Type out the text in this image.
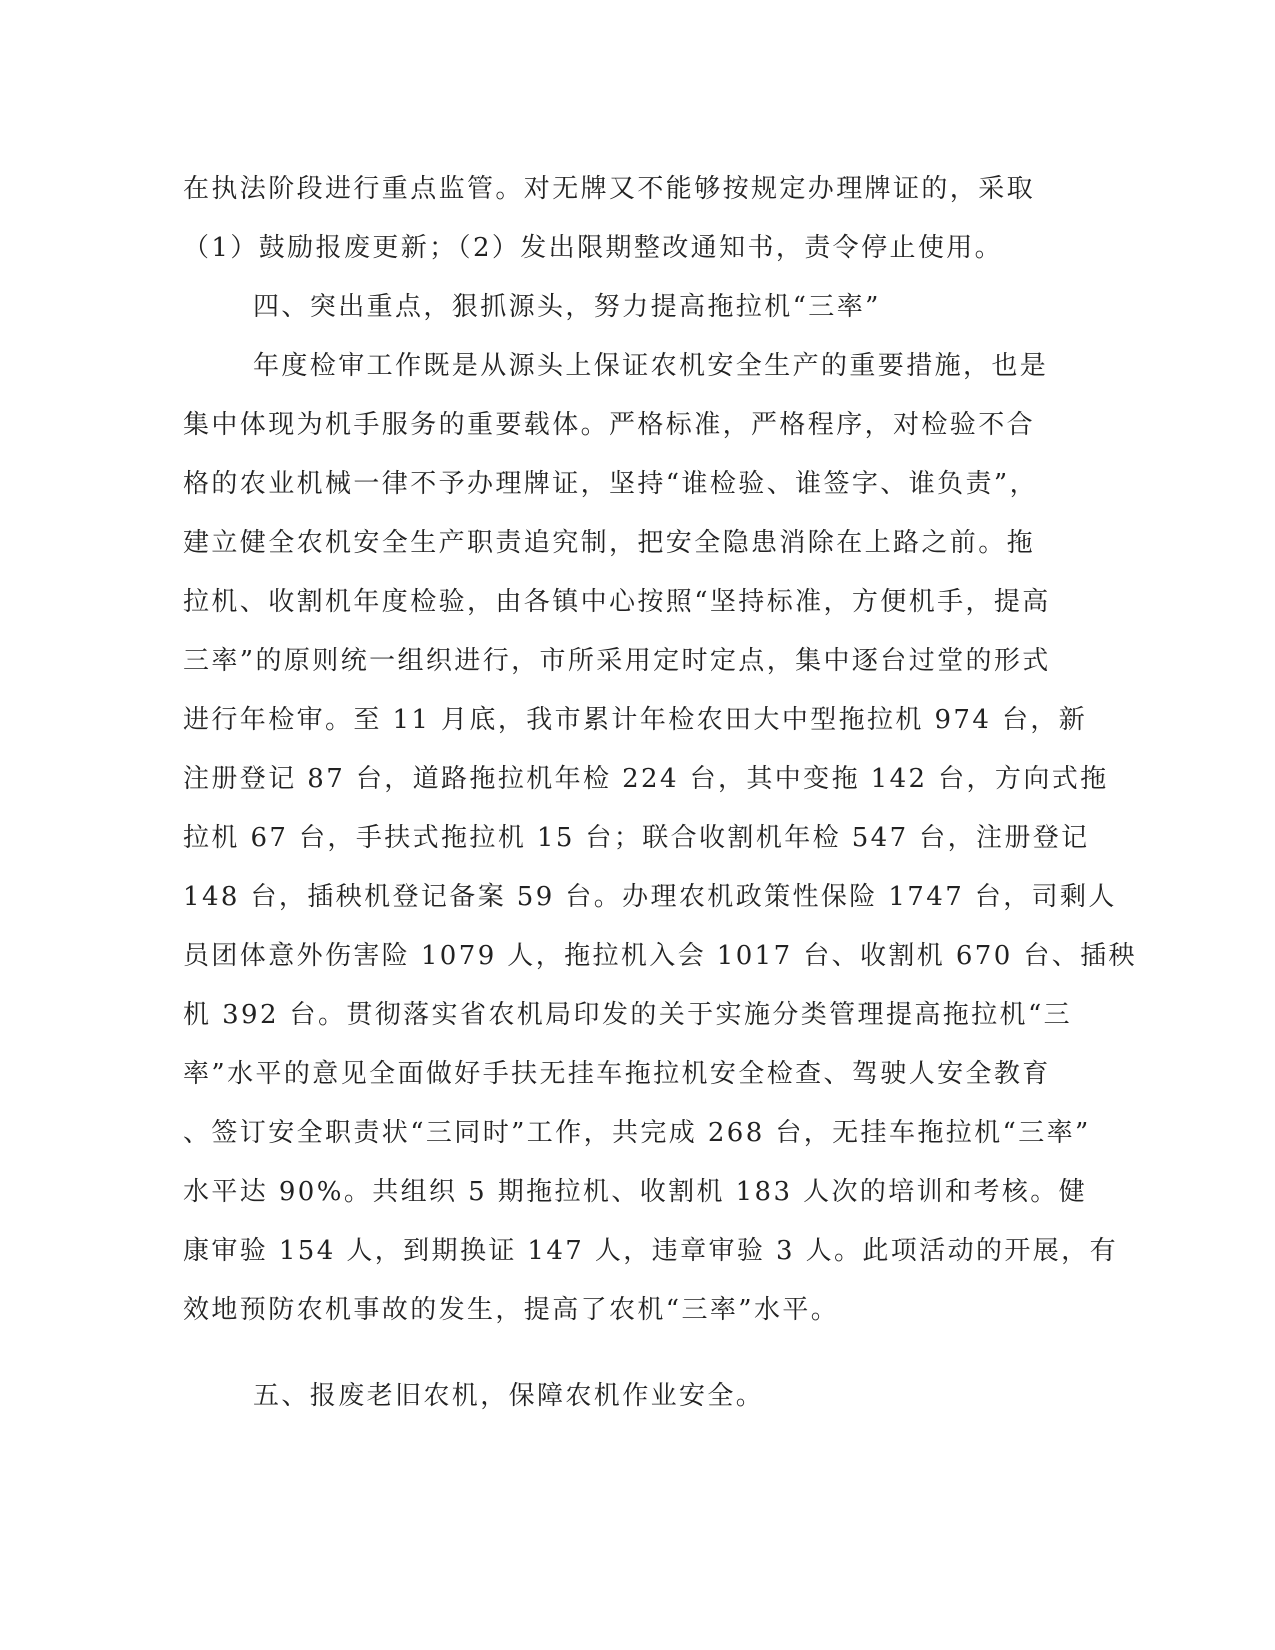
在执法阶段进行重点监管。对无牌又不能够按规定办理牌证的，采取
（1）鼓励报废更新；（2）发出限期整改通知书，责令停止使用。
四、突出重点，狠抓源头，努力提高拖拉机“三率”
年度检审工作既是从源头上保证农机安全生产的重要措施，也是
集中体现为机手服务的重要载体。严格标准，严格程序，对检验不合
格的农业机械一律不予办理牌证，坚持“谁检验、谁签字、谁负责”，
建立健全农机安全生产职责追究制，把安全隐患消除在上路之前。拖
拉机、收割机年度检验，由各镇中心按照“坚持标准，方便机手，提高
三率”的原则统一组织进行，市所采用定时定点，集中逐台过堂的形式
进行年检审。至 11 月底，我市累计年检农田大中型拖拉机 974 台，新
注册登记 87 台，道路拖拉机年检 224 台，其中变拖 142 台，方向式拖
拉机 67 台，手扶式拖拉机 15 台；联合收割机年检 547 台，注册登记
148 台，插秧机登记备案 59 台。办理农机政策性保险 1747 台，司剩人
员团体意外伤害险 1079 人，拖拉机入会 1017 台、收割机 670 台、插秧
机 392 台。贯彻落实省农机局印发的关于实施分类管理提高拖拉机“三
率”水平的意见全面做好手扶无挂车拖拉机安全检查、驾驶人安全教育
、签订安全职责状“三同时”工作，共完成 268 台，无挂车拖拉机“三率”
水平达 90%。共组织 5 期拖拉机、收割机 183 人次的培训和考核。健
康审验 154 人，到期换证 147 人，违章审验 3 人。此项活动的开展，有
效地预防农机事故的发生，提高了农机“三率”水平。
五、报废老旧农机，保障农机作业安全。
